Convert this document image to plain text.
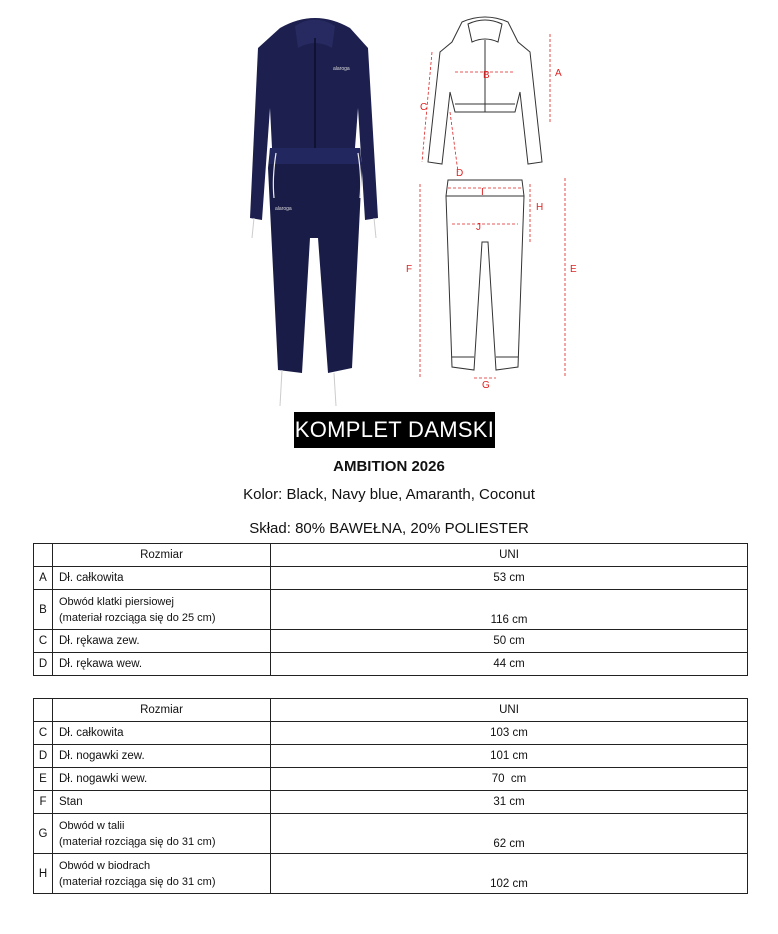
alaroga
alaroga
A
B
C
D
H
I
J
F	E
G
KOMPLET DAMSKI
AMBITION 2026
Kolor: Black, Navy blue, Amaranth, Coconut
Skład: 80% BAWEŁNA, 20% POLIESTER
	Rozmiar	UNI
A	Dł. całkowita	53 cm
B	Obwód klatki piersiowej
(materiał rozciąga się do 25 cm)	116 cm
C	Dł. rękawa zew.	50 cm
D	Dł. rękawa wew.	44 cm
	Rozmiar	UNI
C	Dł. całkowita	103 cm
D	Dł. nogawki zew.	101 cm
E	Dł. nogawki wew.	70  cm
F	Stan	31 cm
G	Obwód w talii
(materiał rozciąga się do 31 cm)	62 cm
H	Obwód w biodrach
(materiał rozciąga się do 31 cm)	102 cm
